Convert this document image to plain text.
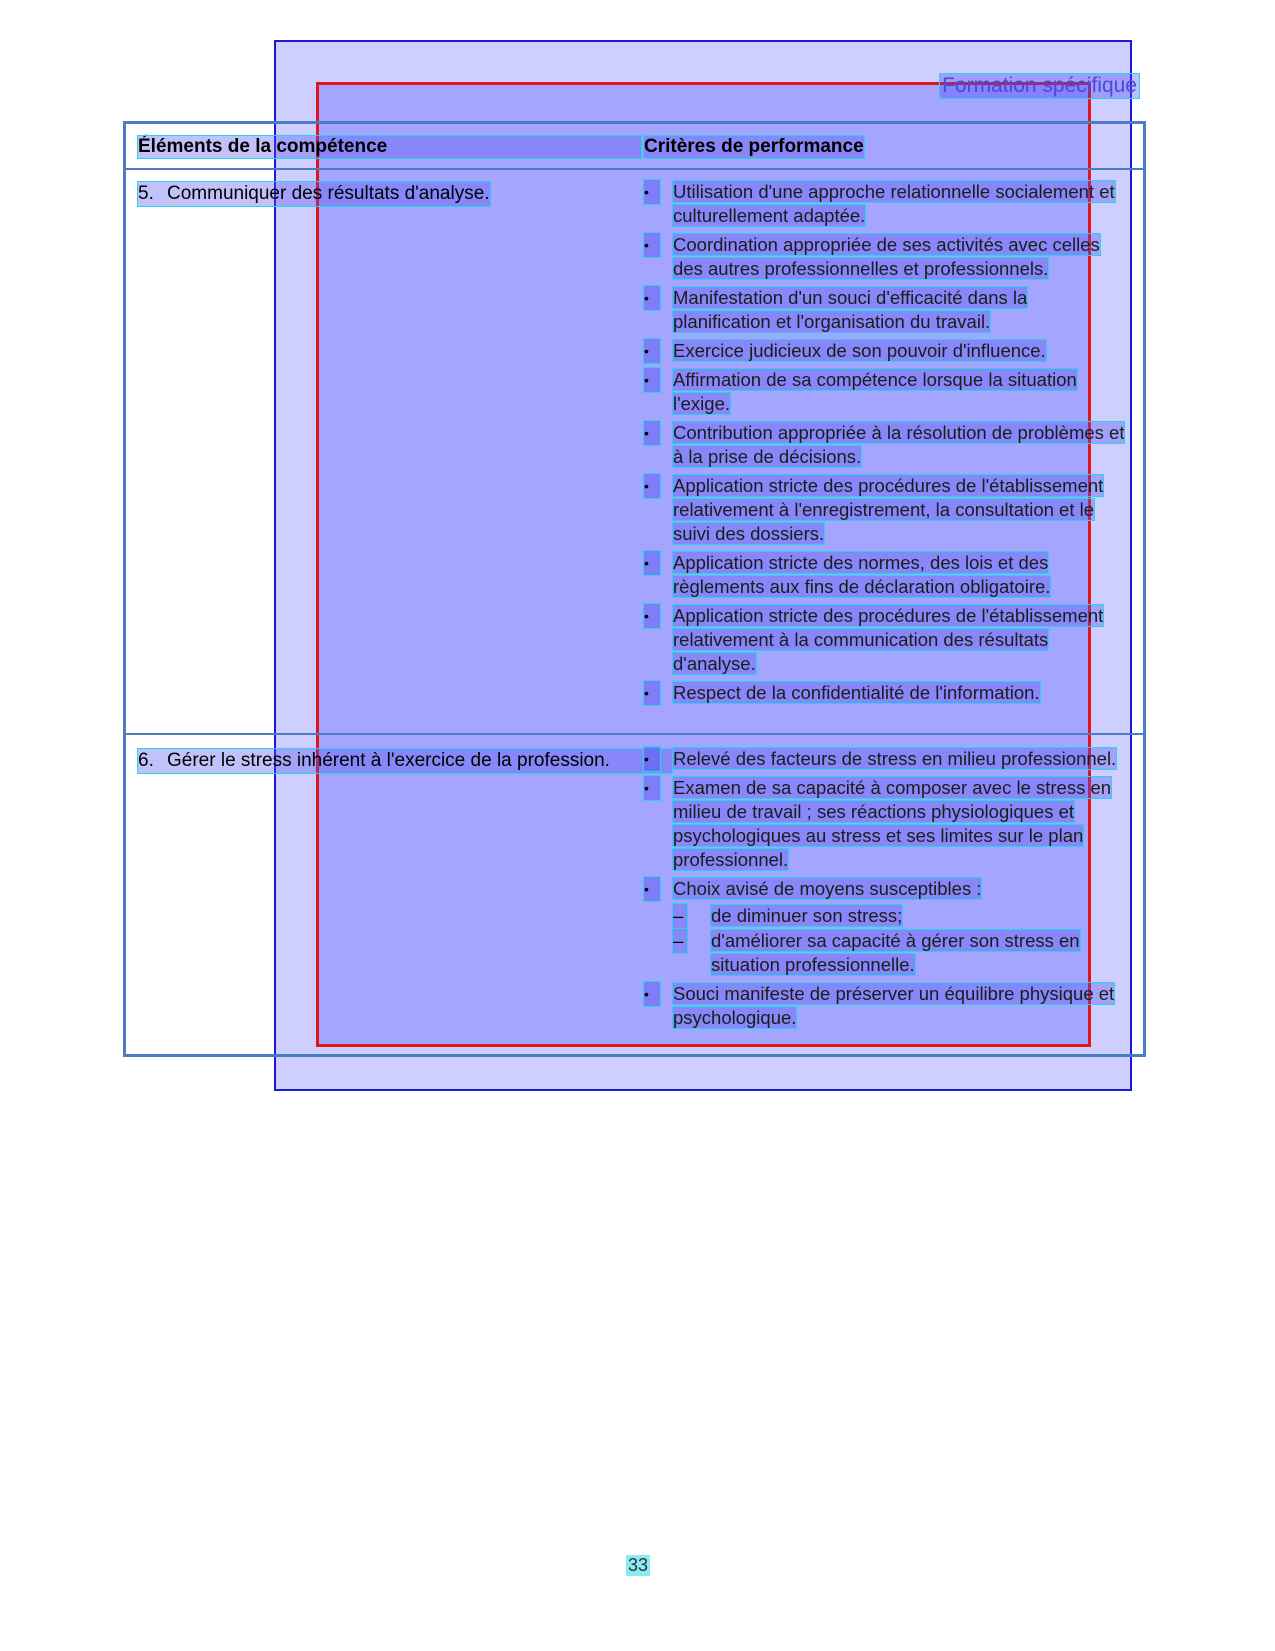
Formation spécifique
Éléments de la compétence	Critères de performance
5. Communiquer des résultats d'analyse.	•	Utilisation d'une approche relationnelle socialement et culturellement adaptée.
•	Coordination appropriée de ses activités avec celles des autres professionnelles et professionnels.
•	Manifestation d'un souci d'efficacité dans la planification et l'organisation du travail.
•	Exercice judicieux de son pouvoir d'influence.
•	Affirmation de sa compétence lorsque la situation l'exige.
•	Contribution appropriée à la résolution de problèmes et à la prise de décisions.
•	Application stricte des procédures de l'établissement relativement à l'enregistrement, la consultation et le suivi des dossiers.
•	Application stricte des normes, des lois et des règlements aux fins de déclaration obligatoire.
•	Application stricte des procédures de l'établissement relativement à la communication des résultats d'analyse.
•	Respect de la confidentialité de l'information.
6. Gérer le stress inhérent à l'exercice de la profession.	•	Relevé des facteurs de stress en milieu professionnel.
•	Examen de sa capacité à composer avec le stress en milieu de travail ; ses réactions physiologiques et psychologiques au stress et ses limites sur le plan professionnel.
•	Choix avisé de moyens susceptibles :
– de diminuer son stress;
– d'améliorer sa capacité à gérer son stress en situation professionnelle.
•	Souci manifeste de préserver un équilibre physique et psychologique.
33
